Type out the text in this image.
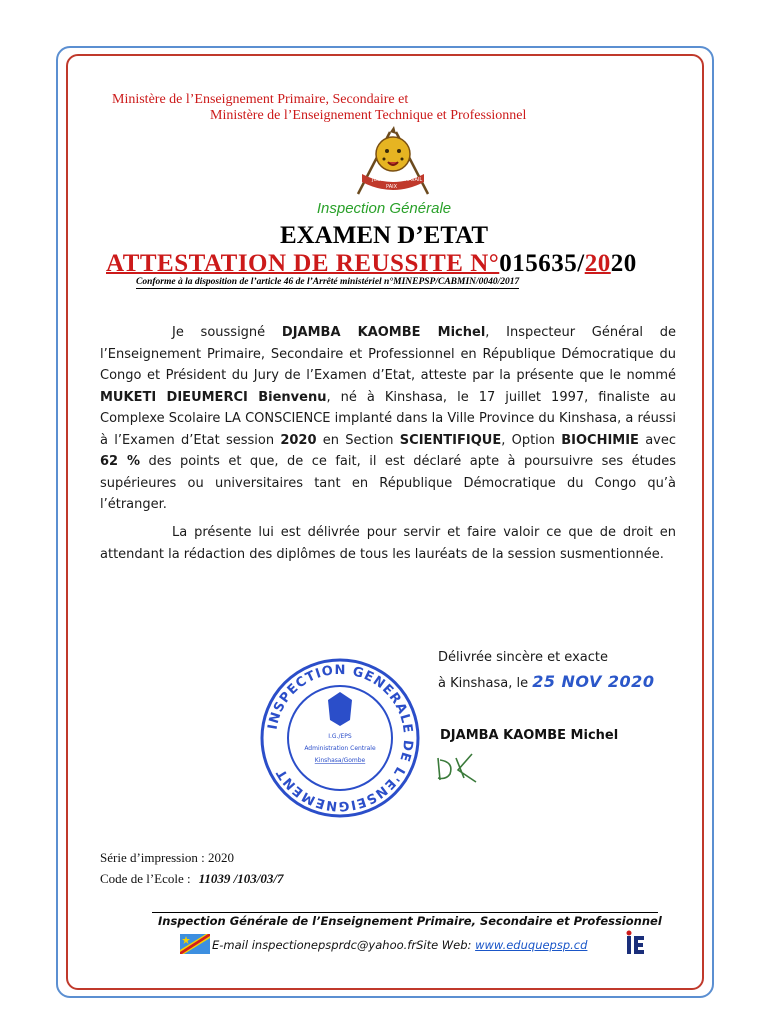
Ministère de l’Enseignement Primaire, Secondaire et
Ministère de l’Enseignement Technique et Professionnel
JUSTICE
PAIX
TRAVAIL
Inspection Générale
EXAMEN D’ETAT
ATTESTATION DE REUSSITE N°015635/2020
Conforme à la disposition de l’article 46 de l’Arrêté ministériel n°MINEPSP/CABMIN/0040/2017
Je soussigné DJAMBA KAOMBE Michel, Inspecteur Général de l’Enseignement Primaire, Secondaire et Professionnel en République Démocratique du Congo et Président du Jury de l’Examen d’Etat, atteste par la présente que le nommé MUKETI DIEUMERCI Bienvenu, né à Kinshasa, le 17 juillet 1997, finaliste au Complexe Scolaire LA CONSCIENCE implanté dans la Ville Province du Kinshasa, a réussi à l’Examen d’Etat session 2020 en Section SCIENTIFIQUE, Option BIOCHIMIE avec 62 % des points et que, de ce fait, il est déclaré apte à poursuivre ses études supérieures ou universitaires tant en République Démocratique du Congo qu’à l’étranger.
La présente lui est délivrée pour servir et faire valoir ce que de droit en attendant la rédaction des diplômes de tous les lauréats de la session susmentionnée.
Délivrée sincère et exacte
à Kinshasa, le 25 NOV 2020
DJAMBA KAOMBE Michel
INSPECTION GENERALE DE L'ENSEIGNEMENT
I.G./EPS
Administration Centrale
Kinshasa/Gombe
Série d’impression : 2020
Code de l’Ecole : 11039 /103/03/7
Inspection Générale de l’Enseignement Primaire, Secondaire et Professionnel
E-mail inspectionepsprdc@yahoo.frSite Web: www.eduquepsp.cd
